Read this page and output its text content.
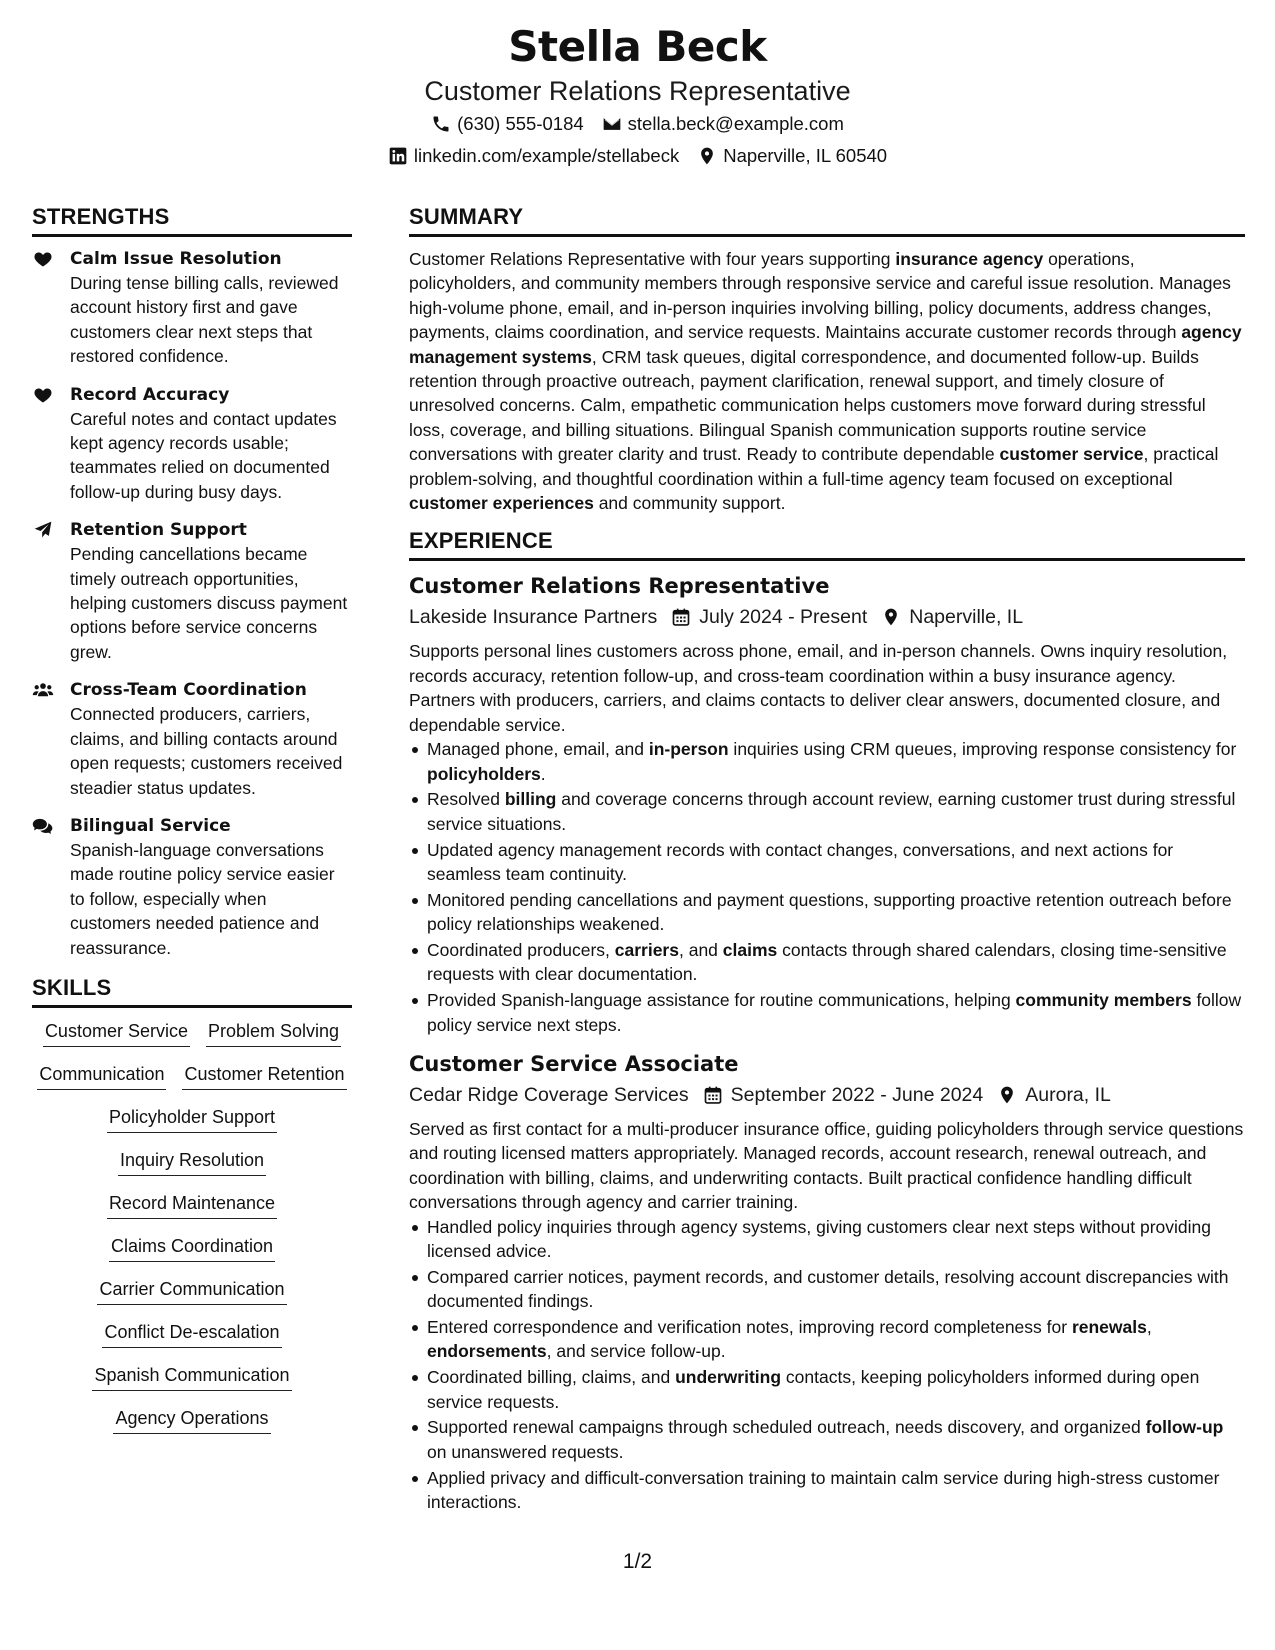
Stella Beck
Customer Relations Representative
(630) 555-0184 stella.beck@example.com
linkedin.com/example/stellabeck Naperville, IL 60540
STRENGTHS
Calm Issue Resolution
During tense billing calls, reviewed account history first and gave customers clear next steps that restored confidence.
Record Accuracy
Careful notes and contact updates kept agency records usable; teammates relied on documented follow-up during busy days.
Retention Support
Pending cancellations became timely outreach opportunities, helping customers discuss payment options before service concerns grew.
Cross-Team Coordination
Connected producers, carriers, claims, and billing contacts around open requests; customers received steadier status updates.
Bilingual Service
Spanish-language conversations made routine policy service easier to follow, especially when customers needed patience and reassurance.
SKILLS
Customer Service Problem Solving
Communication Customer Retention
Policyholder Support
Inquiry Resolution
Record Maintenance
Claims Coordination
Carrier Communication
Conflict De-escalation
Spanish Communication
Agency Operations
SUMMARY
Customer Relations Representative with four years supporting insurance agency operations, policyholders, and community members through responsive service and careful issue resolution. Manages high-volume phone, email, and in-person inquiries involving billing, policy documents, address changes, payments, claims coordination, and service requests. Maintains accurate customer records through agency management systems, CRM task queues, digital correspondence, and documented follow-up. Builds retention through proactive outreach, payment clarification, renewal support, and timely closure of unresolved concerns. Calm, empathetic communication helps customers move forward during stressful loss, coverage, and billing situations. Bilingual Spanish communication supports routine service conversations with greater clarity and trust. Ready to contribute dependable customer service, practical problem-solving, and thoughtful coordination within a full-time agency team focused on exceptional customer experiences and community support.
EXPERIENCE
Customer Relations Representative
Lakeside Insurance Partners July 2024 - Present Naperville, IL
Supports personal lines customers across phone, email, and in-person channels. Owns inquiry resolution, records accuracy, retention follow-up, and cross-team coordination within a busy insurance agency. Partners with producers, carriers, and claims contacts to deliver clear answers, documented closure, and dependable service.
Managed phone, email, and in-person inquiries using CRM queues, improving response consistency for policyholders.
Resolved billing and coverage concerns through account review, earning customer trust during stressful service situations.
Updated agency management records with contact changes, conversations, and next actions for seamless team continuity.
Monitored pending cancellations and payment questions, supporting proactive retention outreach before policy relationships weakened.
Coordinated producers, carriers, and claims contacts through shared calendars, closing time-sensitive requests with clear documentation.
Provided Spanish-language assistance for routine communications, helping community members follow policy service next steps.
Customer Service Associate
Cedar Ridge Coverage Services September 2022 - June 2024 Aurora, IL
Served as first contact for a multi-producer insurance office, guiding policyholders through service questions and routing licensed matters appropriately. Managed records, account research, renewal outreach, and coordination with billing, claims, and underwriting contacts. Built practical confidence handling difficult conversations through agency and carrier training.
Handled policy inquiries through agency systems, giving customers clear next steps without providing licensed advice.
Compared carrier notices, payment records, and customer details, resolving account discrepancies with documented findings.
Entered correspondence and verification notes, improving record completeness for renewals, endorsements, and service follow-up.
Coordinated billing, claims, and underwriting contacts, keeping policyholders informed during open service requests.
Supported renewal campaigns through scheduled outreach, needs discovery, and organized follow-up on unanswered requests.
Applied privacy and difficult-conversation training to maintain calm service during high-stress customer interactions.
1/2
